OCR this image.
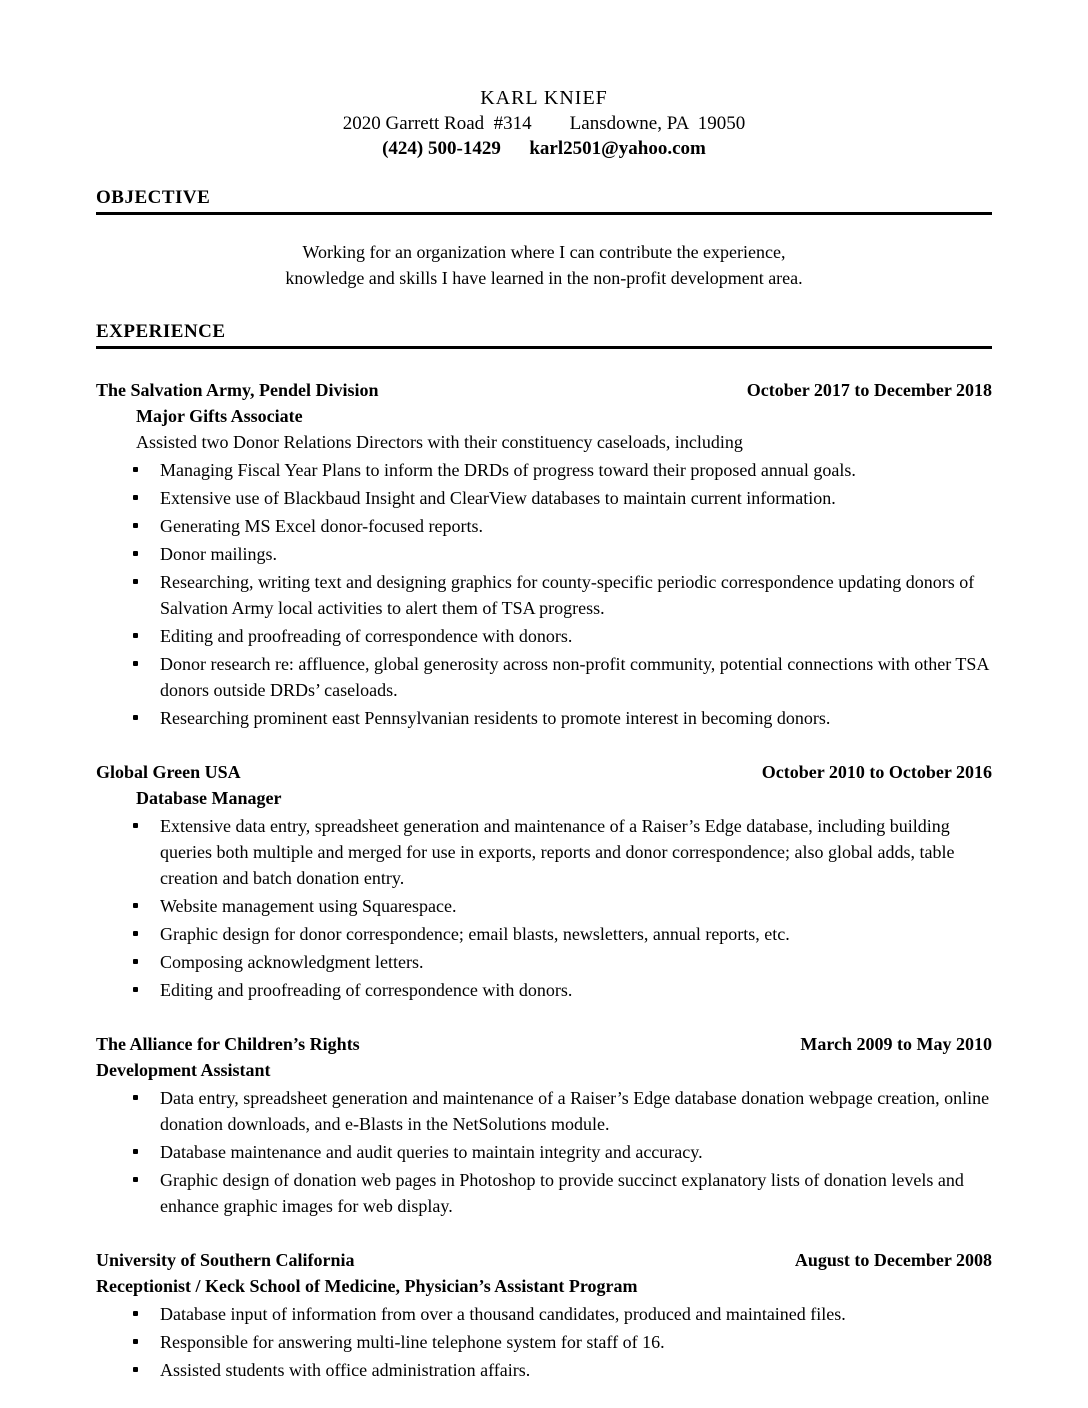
KARL KNIEF
2020 Garrett Road  #314        Lansdowne, PA  19050
(424) 500-1429      karl2501@yahoo.com
OBJECTIVE

Working for an organization where I can contribute the experience,
knowledge and skills I have learned in the non-profit development area.

EXPERIENCE
The Salvation Army, Pendel Division	October 2017 to December 2018
Major Gifts Associate
Assisted two Donor Relations Directors with their constituency caseloads, including
Managing Fiscal Year Plans to inform the DRDs of progress toward their proposed annual goals.
Extensive use of Blackbaud Insight and ClearView databases to maintain current information.
Generating MS Excel donor-focused reports.
Donor mailings.
Researching, writing text and designing graphics for county-specific periodic correspondence updating donors of Salvation Army local activities to alert them of TSA progress.
Editing and proofreading of correspondence with donors.
Donor research re: affluence, global generosity across non-profit community, potential connections with other TSA donors outside DRDs’ caseloads.
Researching prominent east Pennsylvanian residents to promote interest in becoming donors.
Global Green USA	October 2010 to October 2016
Database Manager
Extensive data entry, spreadsheet generation and maintenance of a Raiser’s Edge database, including building queries both multiple and merged for use in exports, reports and donor correspondence; also global adds, table creation and batch donation entry.
Website management using Squarespace.
Graphic design for donor correspondence; email blasts, newsletters, annual reports, etc.
Composing acknowledgment letters.
Editing and proofreading of correspondence with donors.
The Alliance for Children’s Rights	March 2009 to May 2010
Development Assistant
Data entry, spreadsheet generation and maintenance of a Raiser’s Edge database donation webpage creation, online donation downloads, and e-Blasts in the NetSolutions module.
Database maintenance and audit queries to maintain integrity and accuracy.
Graphic design of donation web pages in Photoshop to provide succinct explanatory lists of donation levels and enhance graphic images for web display.
University of Southern California	August to December 2008
Receptionist / Keck School of Medicine, Physician’s Assistant Program
Database input of information from over a thousand candidates, produced and maintained files.
Responsible for answering multi-line telephone system for staff of 16.
Assisted students with office administration affairs.
